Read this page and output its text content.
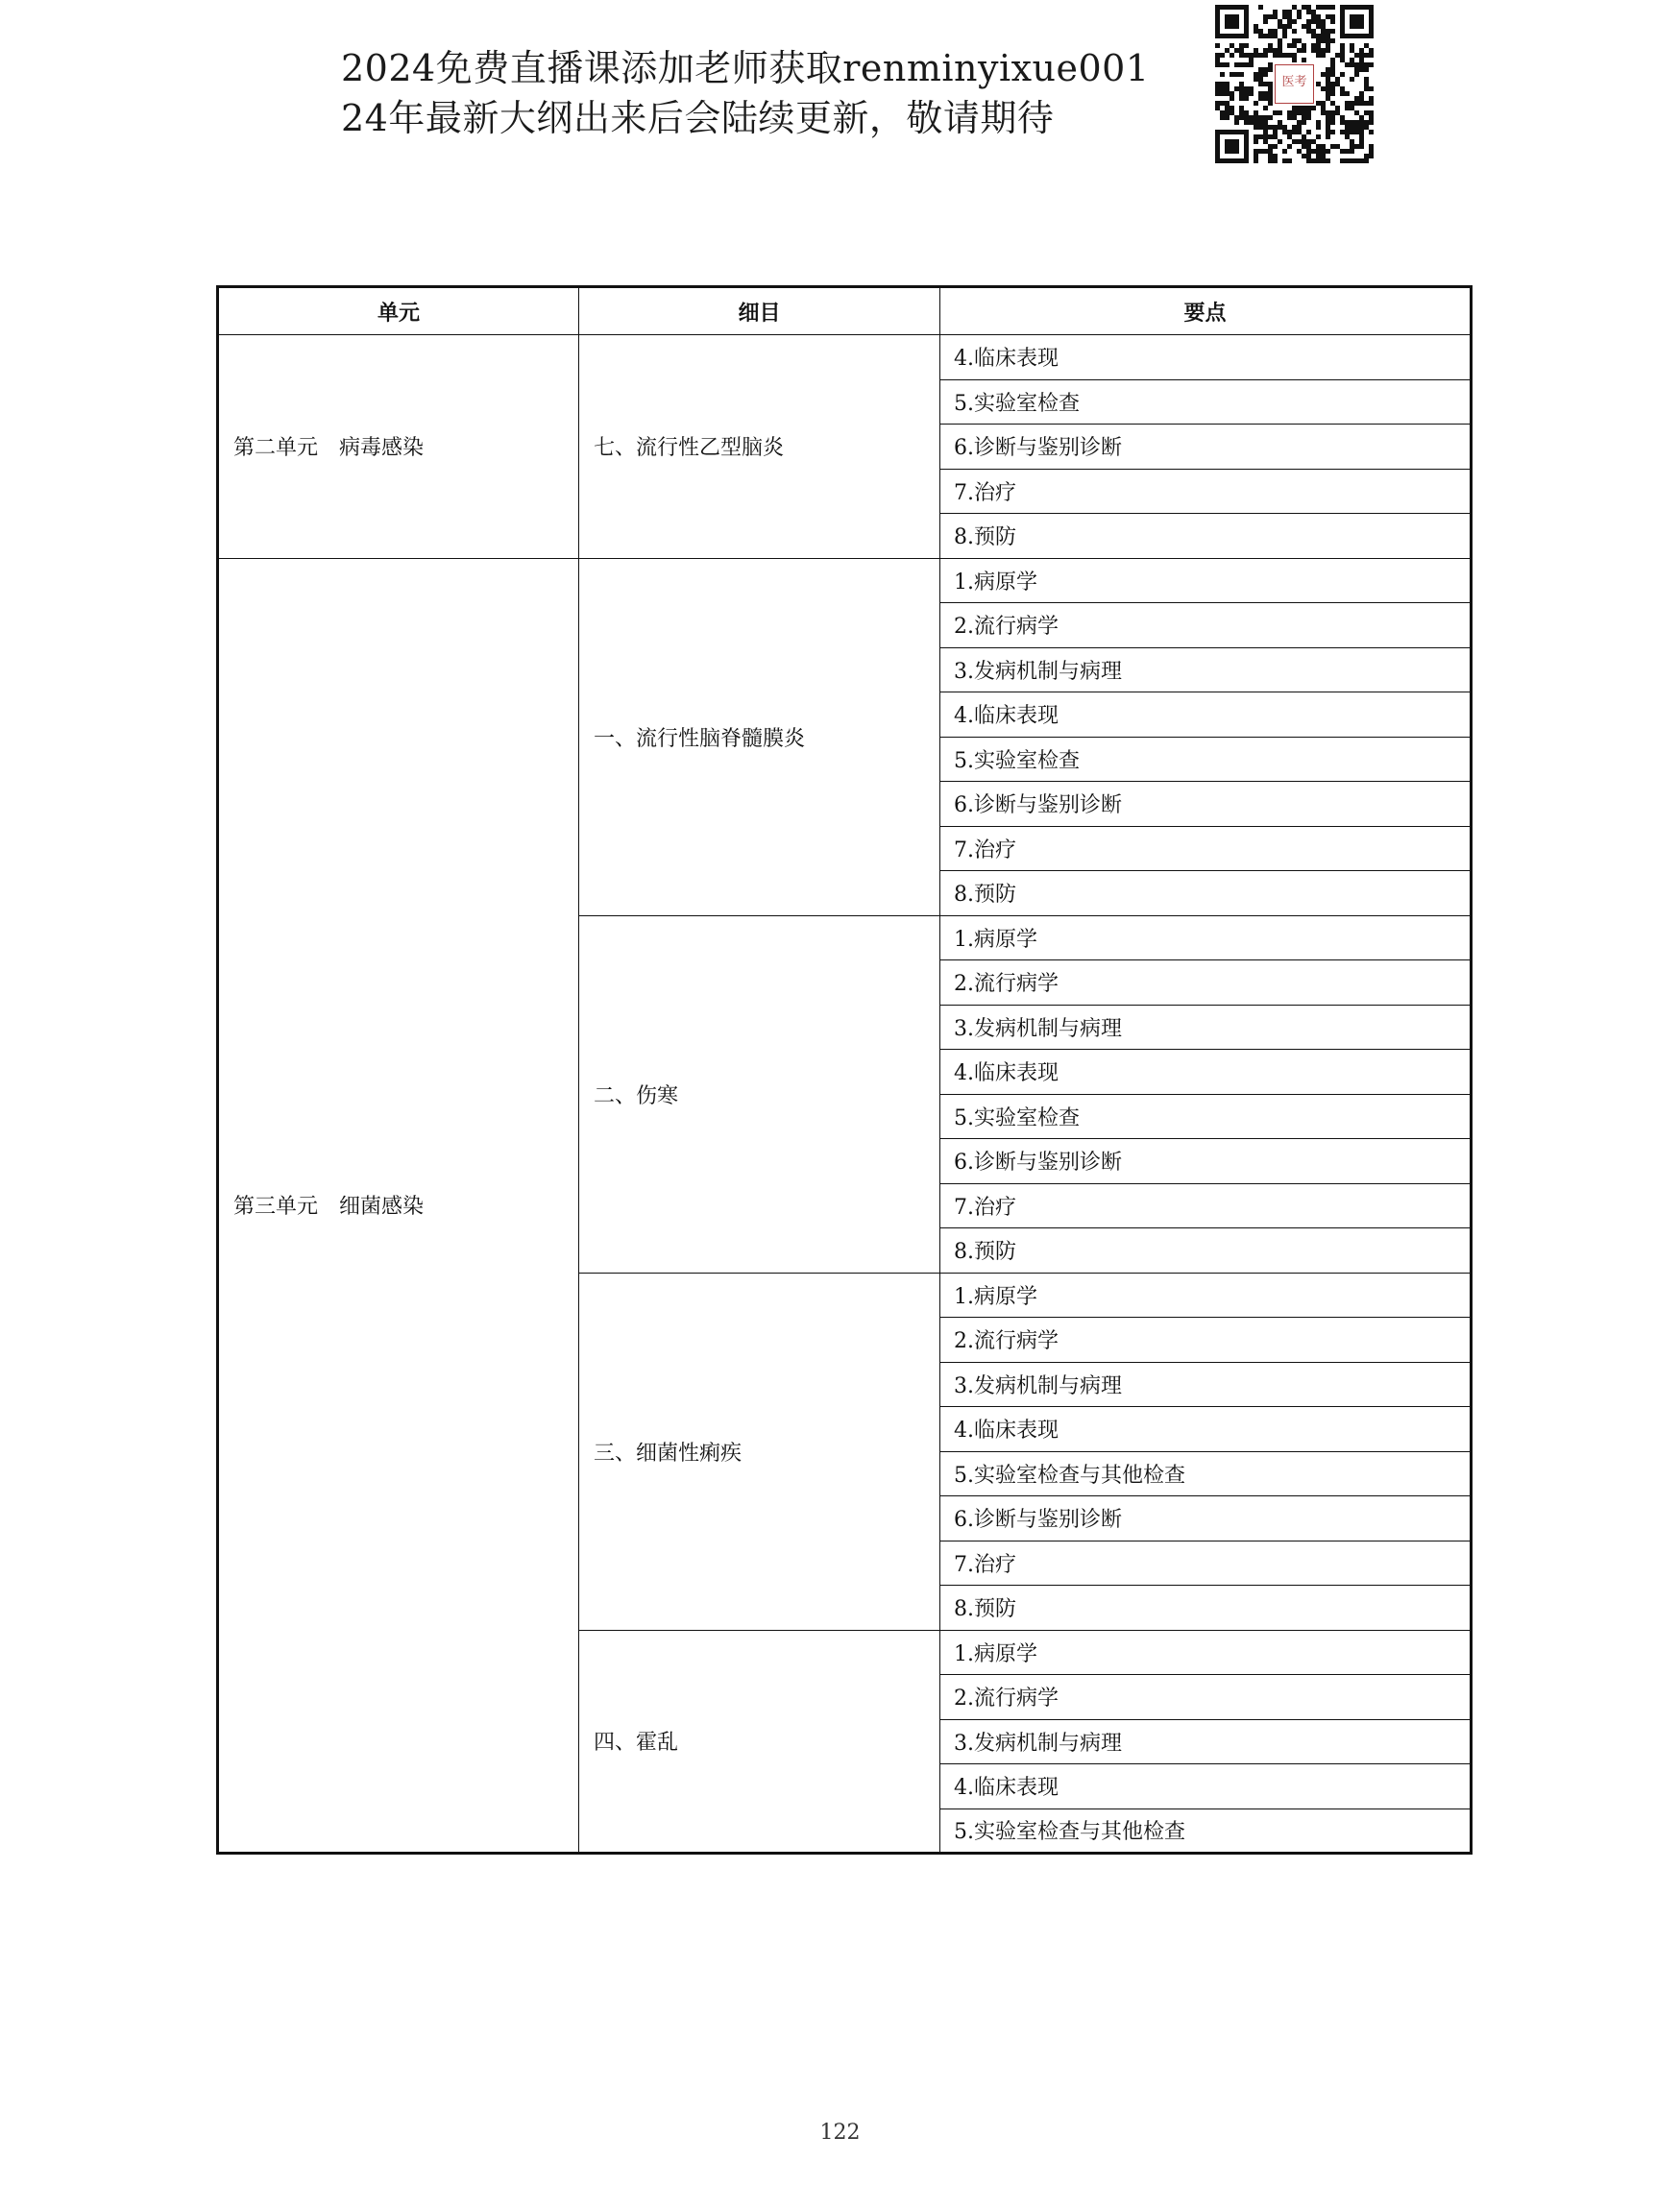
2024免费直播课添加老师获取renminyixue001
24年最新大纲出来后会陆续更新，敬请期待
医考
单元	细目	要点
第二单元　病毒感染	七、流行性乙型脑炎	4.临床表现
		5.实验室检查
		6.诊断与鉴别诊断
		7.治疗
		8.预防
第三单元　细菌感染	一、流行性脑脊髓膜炎	1.病原学
		2.流行病学
		3.发病机制与病理
		4.临床表现
		5.实验室检查
		6.诊断与鉴别诊断
		7.治疗
		8.预防
	二、伤寒	1.病原学
		2.流行病学
		3.发病机制与病理
		4.临床表现
		5.实验室检查
		6.诊断与鉴别诊断
		7.治疗
		8.预防
	三、细菌性痢疾	1.病原学
		2.流行病学
		3.发病机制与病理
		4.临床表现
		5.实验室检查与其他检查
		6.诊断与鉴别诊断
		7.治疗
		8.预防
	四、霍乱	1.病原学
		2.流行病学
		3.发病机制与病理
		4.临床表现
		5.实验室检查与其他检查
122
